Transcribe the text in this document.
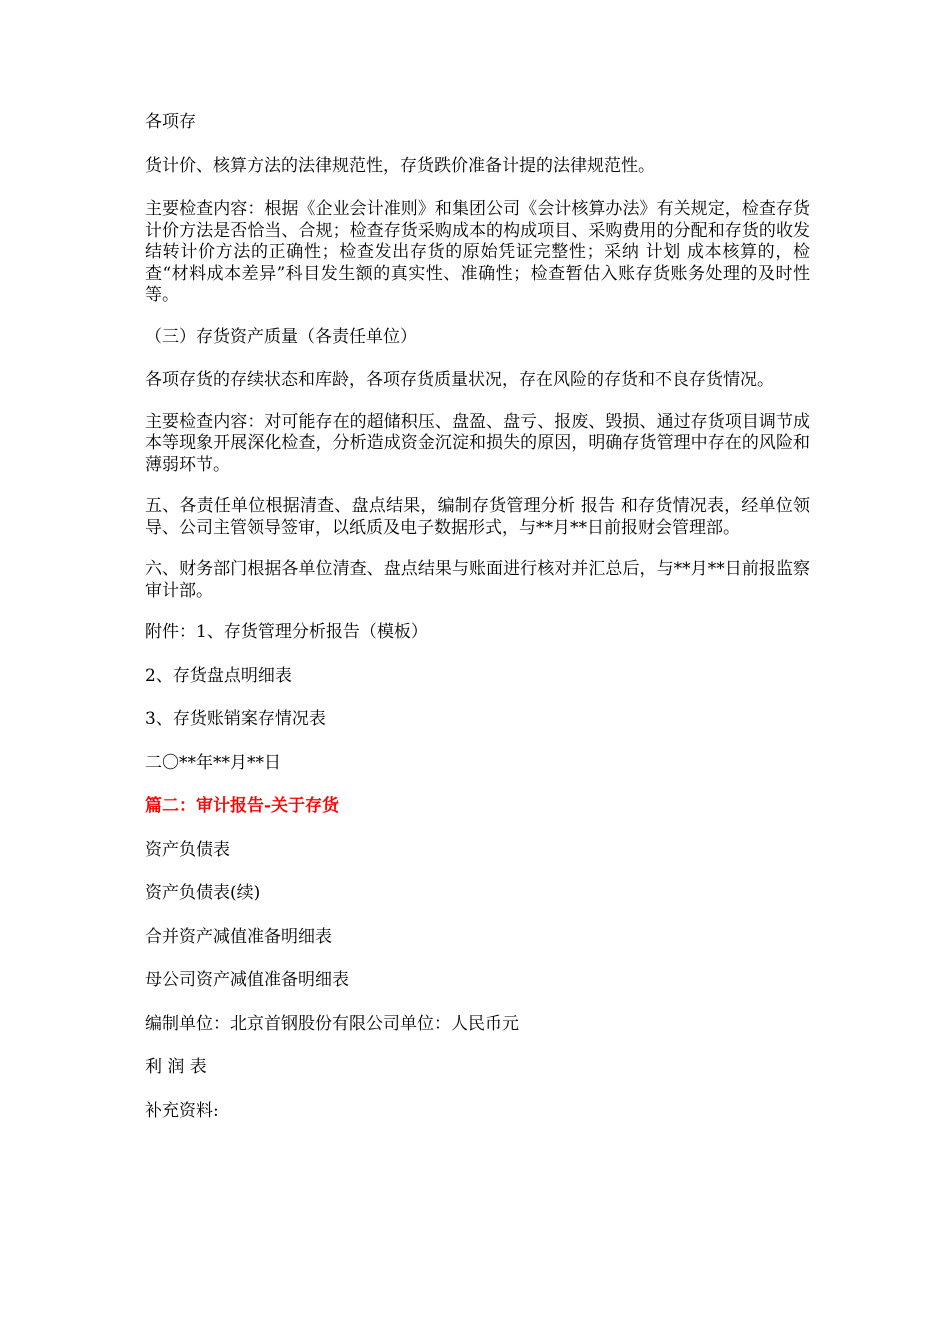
各项存

货计价、核算方法的法律规范性，存货跌价准备计提的法律规范性。

主要检查内容：根据《企业会计准则》和集团公司《会计核算办法》有关规定，检查存货计价方法是否恰当、合规；检查存货采购成本的构成项目、采购费用的分配和存货的收发结转计价方法的正确性；检查发出存货的原始凭证完整性；采纳 计划 成本核算的，检查“材料成本差异”科目发生额的真实性、准确性；检查暂估入账存货账务处理的及时性等。

（三）存货资产质量（各责任单位）

各项存货的存续状态和库龄，各项存货质量状况，存在风险的存货和不良存货情况。

主要检查内容：对可能存在的超储积压、盘盈、盘亏、报废、毁损、通过存货项目调节成本等现象开展深化检查，分析造成资金沉淀和损失的原因，明确存货管理中存在的风险和薄弱环节。

五、各责任单位根据清查、盘点结果，编制存货管理分析 报告 和存货情况表，经单位领导、公司主管领导签审，以纸质及电子数据形式，与**月**日前报财会管理部。

六、财务部门根据各单位清查、盘点结果与账面进行核对并汇总后，与**月**日前报监察审计部。

附件：1、存货管理分析报告（模板）

2、存货盘点明细表

3、存货账销案存情况表

二〇**年**月**日

篇二：审计报告-关于存货

资产负债表

资产负债表(续)

合并资产减值准备明细表

母公司资产减值准备明细表

编制单位：北京首钢股份有限公司单位：人民币元

利 润 表

补充资料:
